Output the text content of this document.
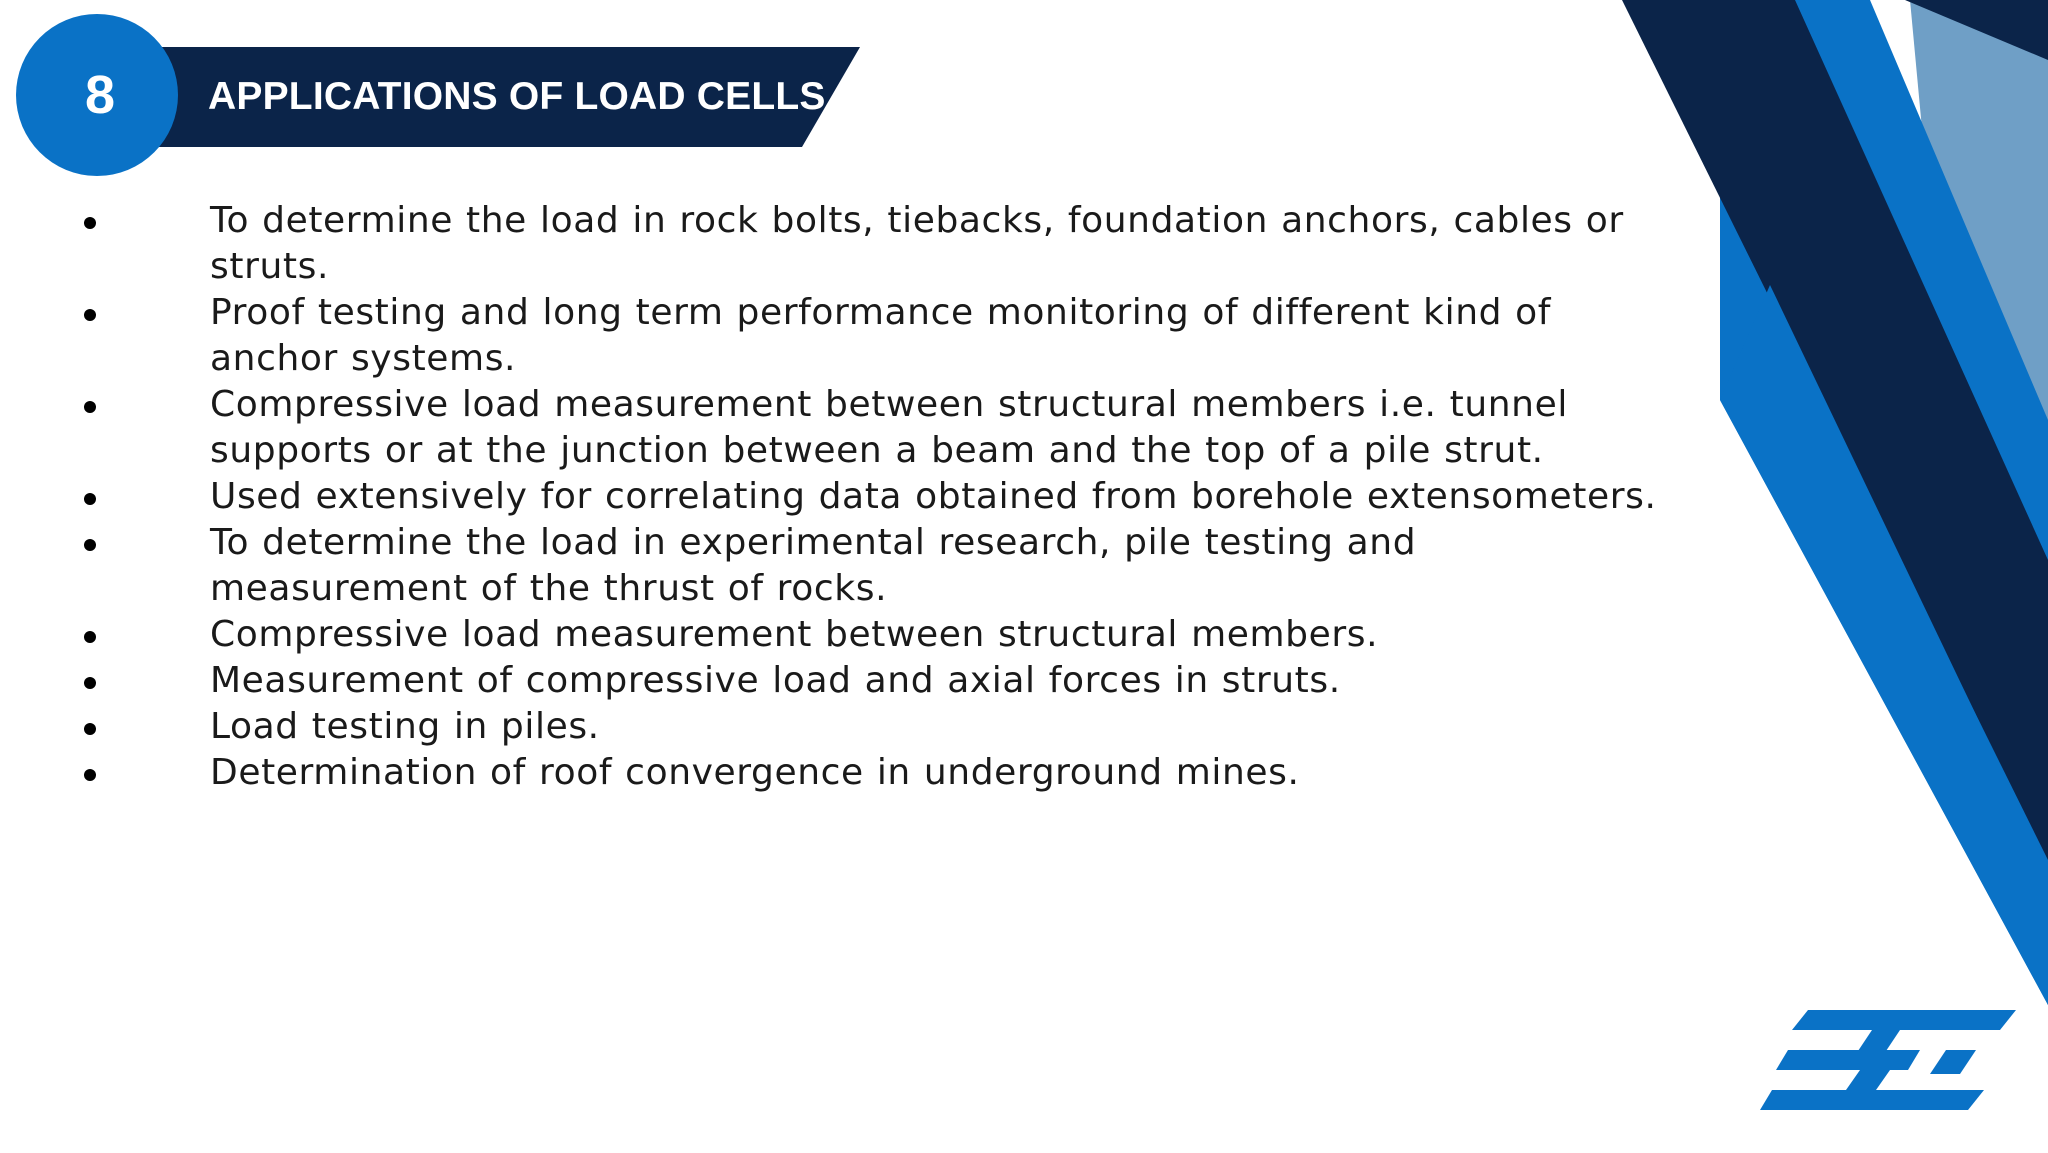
APPLICATIONS OF LOAD CELLS
8
To determine the load in rock bolts, tiebacks, foundation anchors, cables or struts.
Proof testing and long term performance monitoring of different kind of anchor systems.
Compressive load measurement between structural members i.e. tunnel supports or at the junction between a beam and the top of a pile strut.
Used extensively for correlating data obtained from borehole extensometers.
To determine the load in experimental research, pile testing and measurement of the thrust of rocks.
Compressive load measurement between structural members.
Measurement of compressive load and axial forces in struts.
Load testing in piles.
Determination of roof convergence in underground mines.
